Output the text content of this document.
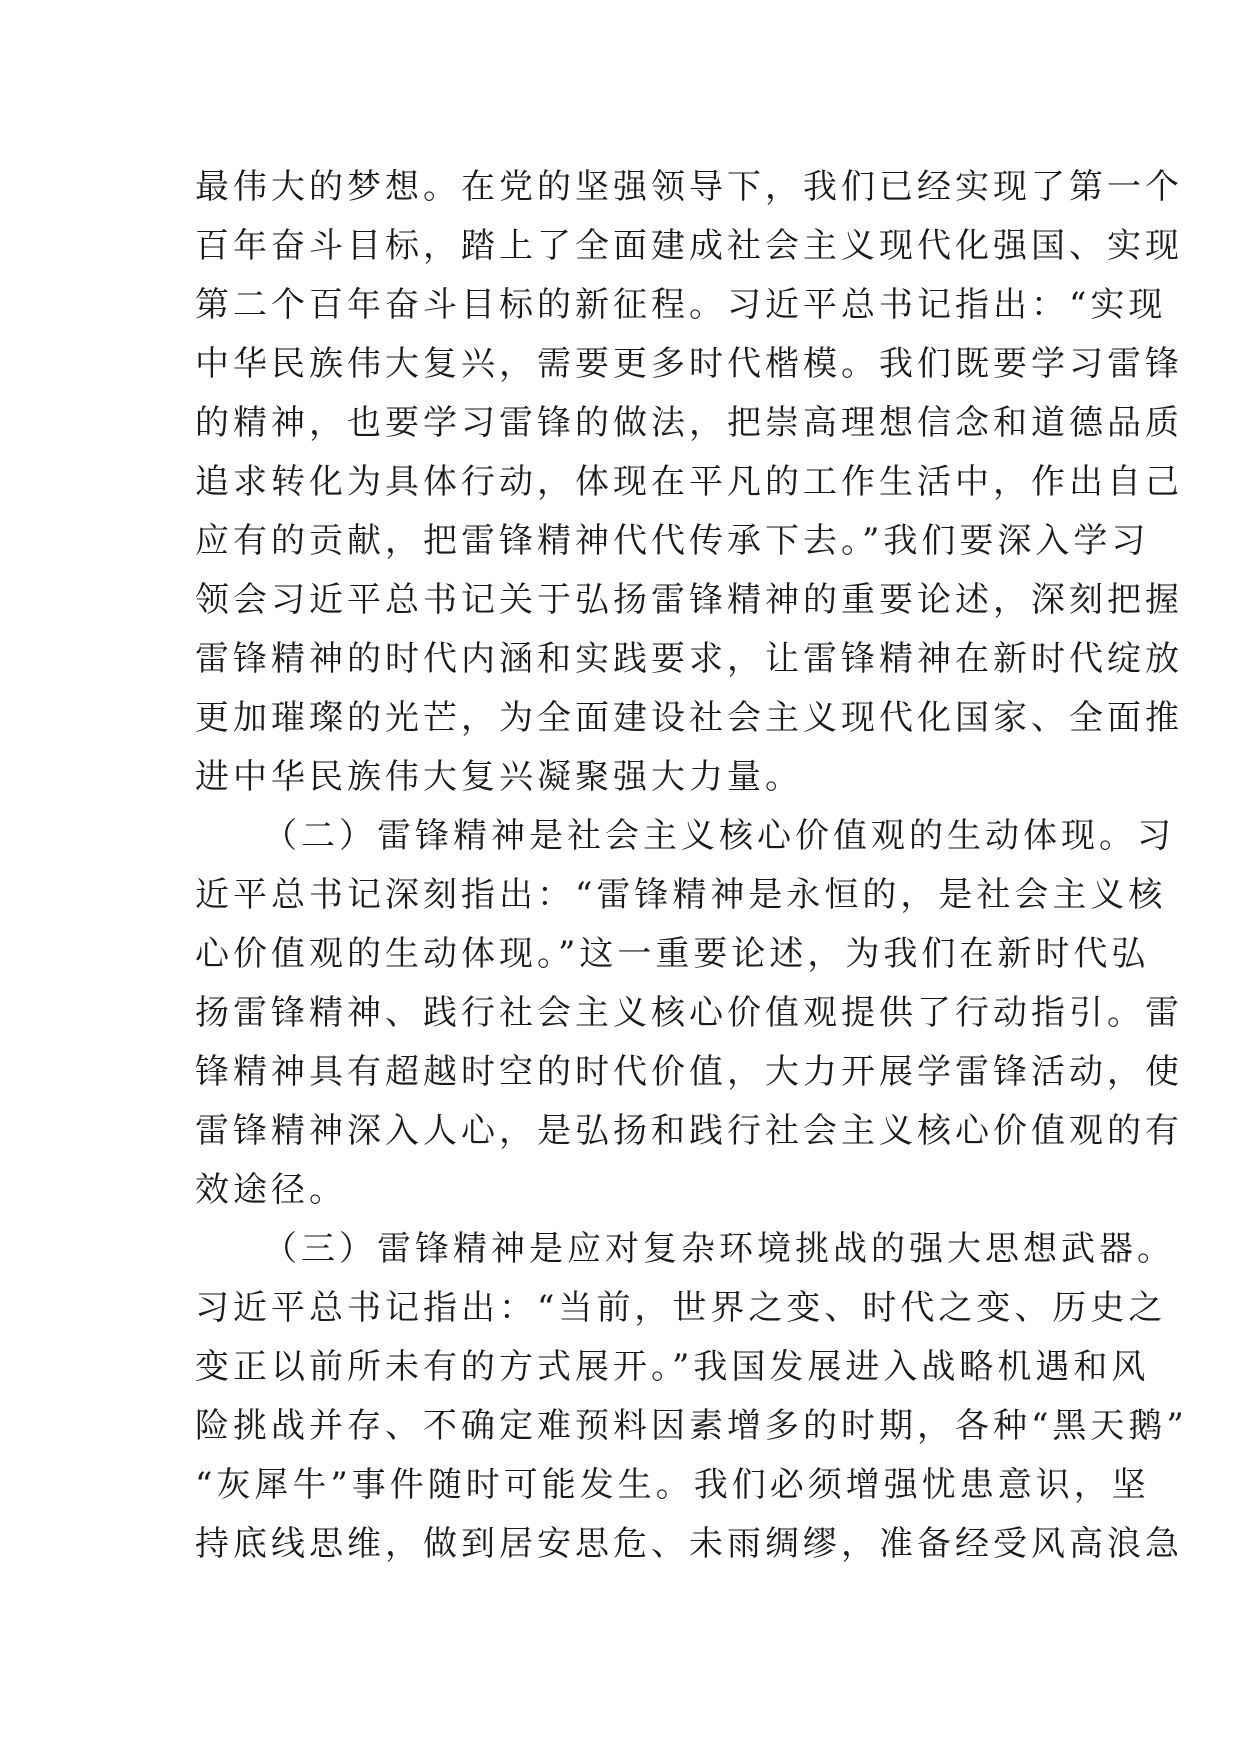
最伟大的梦想。在党的坚强领导下，我们已经实现了第一个
百年奋斗目标，踏上了全面建成社会主义现代化强国、实现
第二个百年奋斗目标的新征程。习近平总书记指出：“实现
中华民族伟大复兴，需要更多时代楷模。我们既要学习雷锋
的精神，也要学习雷锋的做法，把崇高理想信念和道德品质
追求转化为具体行动，体现在平凡的工作生活中，作出自己
应有的贡献，把雷锋精神代代传承下去。”我们要深入学习
领会习近平总书记关于弘扬雷锋精神的重要论述，深刻把握
雷锋精神的时代内涵和实践要求，让雷锋精神在新时代绽放
更加璀璨的光芒，为全面建设社会主义现代化国家、全面推
进中华民族伟大复兴凝聚强大力量。
（二）雷锋精神是社会主义核心价值观的生动体现。习
近平总书记深刻指出：“雷锋精神是永恒的，是社会主义核
心价值观的生动体现。”这一重要论述，为我们在新时代弘
扬雷锋精神、践行社会主义核心价值观提供了行动指引。雷
锋精神具有超越时空的时代价值，大力开展学雷锋活动，使
雷锋精神深入人心，是弘扬和践行社会主义核心价值观的有
效途径。
（三）雷锋精神是应对复杂环境挑战的强大思想武器。
习近平总书记指出：“当前，世界之变、时代之变、历史之
变正以前所未有的方式展开。”我国发展进入战略机遇和风
险挑战并存、不确定难预料因素增多的时期，各种“黑天鹅”
“灰犀牛”事件随时可能发生。我们必须增强忧患意识，坚
持底线思维，做到居安思危、未雨绸缪，准备经受风高浪急
